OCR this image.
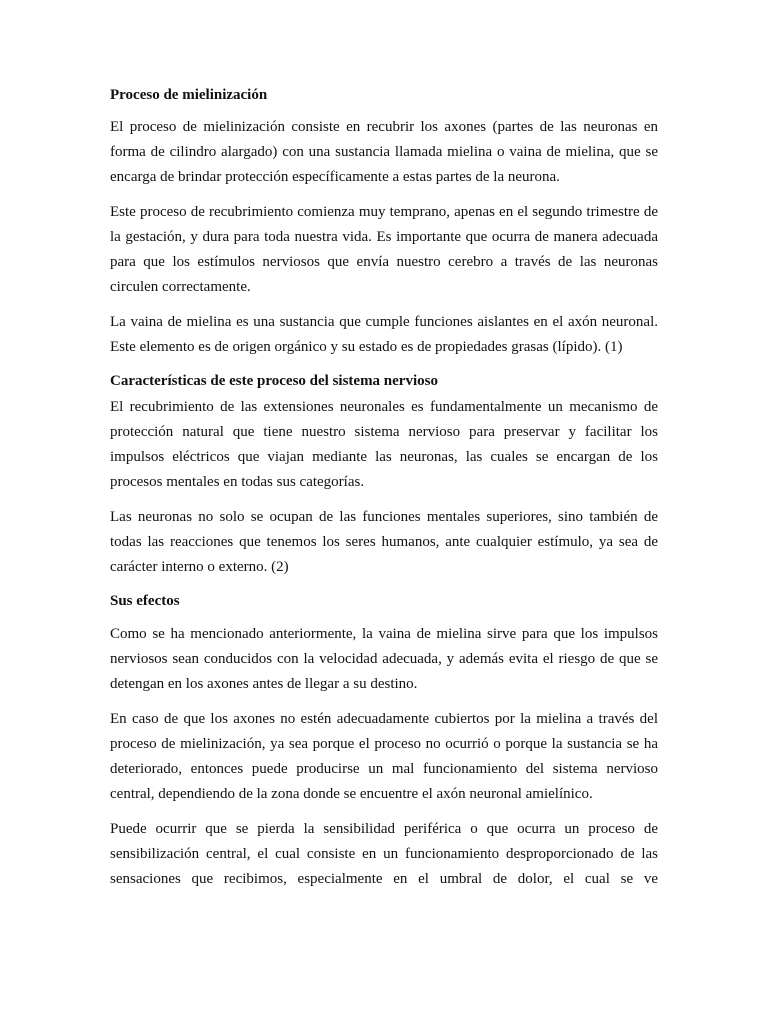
Proceso de mielinización

El proceso de mielinización consiste en recubrir los axones (partes de las neuronas en forma de cilindro alargado) con una sustancia llamada mielina o vaina de mielina, que se encarga de brindar protección específicamente a estas partes de la neurona.

Este proceso de recubrimiento comienza muy temprano, apenas en el segundo trimestre de la gestación, y dura para toda nuestra vida. Es importante que ocurra de manera adecuada para que los estímulos nerviosos que envía nuestro cerebro a través de las neuronas circulen correctamente.

La vaina de mielina es una sustancia que cumple funciones aislantes en el axón neuronal. Este elemento es de origen orgánico y su estado es de propiedades grasas (lípido). (1)

Características de este proceso del sistema nervioso

El recubrimiento de las extensiones neuronales es fundamentalmente un mecanismo de protección natural que tiene nuestro sistema nervioso para preservar y facilitar los impulsos eléctricos que viajan mediante las neuronas, las cuales se encargan de los procesos mentales en todas sus categorías.

Las neuronas no solo se ocupan de las funciones mentales superiores, sino también de todas las reacciones que tenemos los seres humanos, ante cualquier estímulo, ya sea de carácter interno o externo. (2)

Sus efectos

Como se ha mencionado anteriormente, la vaina de mielina sirve para que los impulsos nerviosos sean conducidos con la velocidad adecuada, y además evita el riesgo de que se detengan en los axones antes de llegar a su destino.

En caso de que los axones no estén adecuadamente cubiertos por la mielina a través del proceso de mielinización, ya sea porque el proceso no ocurrió o porque la sustancia se ha deteriorado, entonces puede producirse un mal funcionamiento del sistema nervioso central, dependiendo de la zona donde se encuentre el axón neuronal amielínico.

Puede ocurrir que se pierda la sensibilidad periférica o que ocurra un proceso de sensibilización central, el cual consiste en un funcionamiento desproporcionado de las sensaciones que recibimos, especialmente en el umbral de dolor, el cual se ve
